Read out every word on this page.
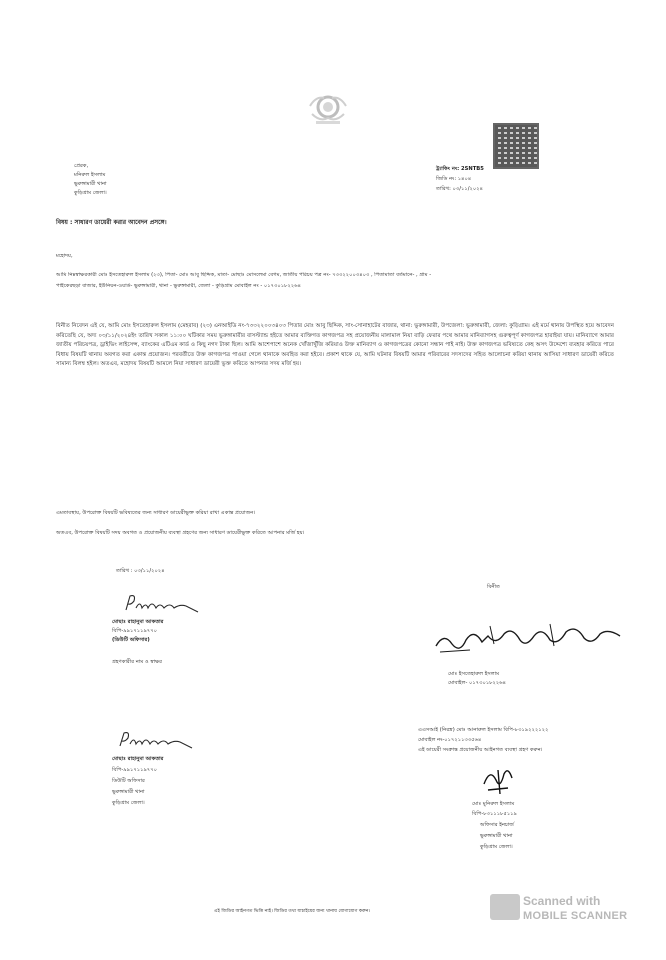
প্রেরক,
মনিরুল ইসলাম
ভুরুঙ্গামারী থানা
কুড়িগ্রাম জেলা।
ট্র্যাকিং নং: 2SNTB5
জিডি নং: ১৪০৪
তারিখ: ০৩/১১/২০২৪
বিষয় : সাধারণ ডায়েরী করার আবেদন প্রসঙ্গে।
মহোদয়,
আমি নিম্নস্বাক্ষরকারী মোঃ ইসতেহারুল ইসলাম (২৩), পিতা- মোঃ আবু ছিদ্দিক, মাতা- মোছাঃ মোসলেমা বেগম, জাতীয় পরিচয় পত্র নং- ৭৩৩২২০০৩৪০৩ , পিতামাতা বর্তমানে- , গ্রাম -
পাইকেরছড়া বাজার, ইউনিয়ন-ওয়ার্ড- ভুরুঙ্গামারী, থানা - ভুরুঙ্গামারী, জেলা - কুড়িগ্রাম মোবাইল নং - ০১৭৩০১৮২২৬৪
বিনীত নিবেদন এই যে, আমি মোঃ ইসতেহারুল ইসলাম (মেহরাব) (২৩) এনআইডি নং-৭৩৩২২০০৩৪০৩ পিতার মোঃ আবু ছিদ্দিক, সাং-সোনাহাটের বাজার, থানা: ভুরুঙ্গামারী, উপজেলা: ভুরুঙ্গামারী, জেলা: কুড়িগ্রাম। এই মর্মে থানায় উপস্থিত হয়ে আবেদন করিতেছি যে, অদ্য ০৩/১১/২০২৪ইং তারিখ সকাল ১১:০০ ঘটিকার সময় ভুরুঙ্গামারীর বাসস্ট্যান্ড হইতে আমার ব্যক্তিগত কাগজপত্র সহ প্রয়োজনীয় মালামাল নিয়া বাড়ি ফেরার পথে আমার মানিব্যাগসহ গুরুত্বপূর্ণ কাগজপত্র হারাইয়া যায়। মানিব্যাগে আমার জাতীয় পরিচয়পত্র, ড্রাইভিং লাইসেন্স, ব্যাংকের এটিএম কার্ড ও কিছু নগদ টাকা ছিল। আমি আশেপাশে অনেক খোঁজাখুঁজি করিয়াও উক্ত মানিব্যাগ ও কাগজপত্রের কোনো সন্ধান পাই নাই। উক্ত কাগজপত্র ভবিষ্যতে কেহ অসৎ উদ্দেশ্যে ব্যবহার করিতে পারে বিধায় বিষয়টি থানায় অবগত করা একান্ত প্রয়োজন। পরবর্তীতে উক্ত কাগজপত্র পাওয়া গেলে থানাকে অবহিত করা হইবে। প্রকাশ থাকে যে, আমি ঘটনার বিষয়টি আমার পরিবারের সদস্যদের সহিত আলোচনা করিয়া থানায় আসিয়া সাধারণ ডায়েরী করিতে সামান্য বিলম্ব হইল। অতএব, মহোদয় বিষয়টি আমলে নিয়া সাধারণ ডায়েরী ভুক্ত করিতে আপনার সদয় মর্জি হয়।
এমতাবস্থায়, উপরোক্ত বিষয়টি ভবিষ্যতের জন্য সাধারণ ডায়েরীভুক্ত করিয়া রাখা একান্ত প্রয়োজন।
অতএব, উপরোক্ত বিষয়টি সদয় অবগত ও প্রয়োজনীয় ব্যবস্থা গ্রহণের জন্য সাধারণ ডায়েরীভুক্ত করিতে আপনার মর্জি হয়।
তারিখ : ০৩/১১/২০২৪
Rahman
মোছাঃ রাহানুমা আকতার
বিপি-৯৯১৭১১৯৭৭০
(ডিউটি অফিসার)
গ্রহণকারীর নাম ও স্বাক্ষর
বিনীত
মোঃ ইসতেহারুল ইসলাম
মোঃ ইসতেহারুল ইসলাম
মোবাইল- ০১৭৩০১৮২২৬৪
Rahman
মোছাঃ রাহানুমা আকতার
বিপি-৯৯১৭১১৯৭৭০
ডিউটি অফিসার
ভুরুঙ্গামারী থানা
কুড়িগ্রাম জেলা।
এএসআই (নিরস্ত্র) মোঃ আনারুল ইসলাম বিপি-৮৩১৯২২২১২২
মোবাইল নং-০১৭২১১৩৩৫৬৪
এই ডায়েরী সংক্রান্ত প্রয়োজনীয় আইনগত ব্যবস্থা গ্রহণ করুন।
Sd
মোঃ মুনিরুল ইসলাম
বিপি-৮৩১১১৮৫১১৯
অফিসার ইনচার্জ
ভুরুঙ্গামারী থানা
কুড়িগ্রাম জেলা।
এই জিডির আইনগত ভিত্তি নাই। জিডির তথ্য যাচাইয়ের জন্য থানায় যোগাযোগ করুন।
Scanned with
MOBILE SCANNER
